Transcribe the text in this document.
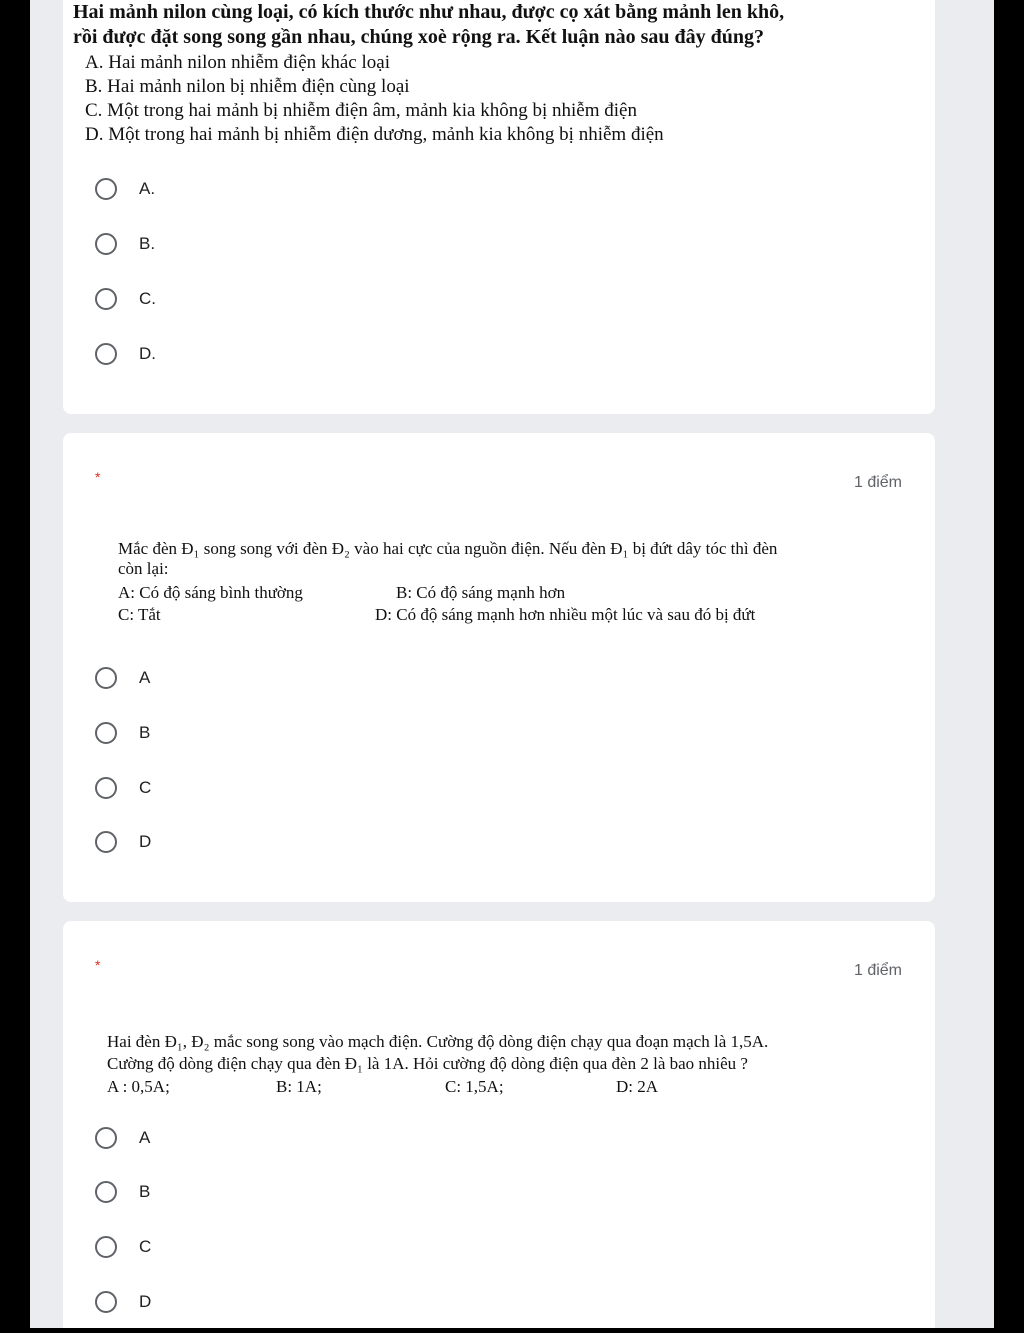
Hai mảnh nilon cùng loại, có kích thước như nhau, được cọ xát bằng mảnh len khô,
rồi được đặt song song gần nhau, chúng xoè rộng ra. Kết luận nào sau đây đúng?
A. Hai mảnh nilon nhiễm điện khác loại
B. Hai mảnh nilon bị nhiễm điện cùng loại
C. Một trong hai mảnh bị nhiễm điện âm, mảnh kia không bị nhiễm điện
D. Một trong hai mảnh bị nhiễm điện dương, mảnh kia không bị nhiễm điện
A.
B.
C.
D.
*	1 điểm
Mắc đèn Đ₁ song song với đèn Đ₂ vào hai cực của nguồn điện. Nếu đèn Đ₁ bị đứt dây tóc thì đèn
còn lại:
A: Có độ sáng bình thường	B: Có độ sáng mạnh hơn
C: Tắt	D: Có độ sáng mạnh hơn nhiều một lúc và sau đó bị đứt
A
B
C
D
*	1 điểm
Hai đèn Đ₁, Đ₂ mắc song song vào mạch điện. Cường độ dòng điện chạy qua đoạn mạch là 1,5A.
Cường độ dòng điện chạy qua đèn Đ₁ là 1A. Hỏi cường độ dòng điện qua đèn 2 là bao nhiêu ?
A : 0,5A;	B: 1A;	C: 1,5A;	D: 2A
A
B
C
D
